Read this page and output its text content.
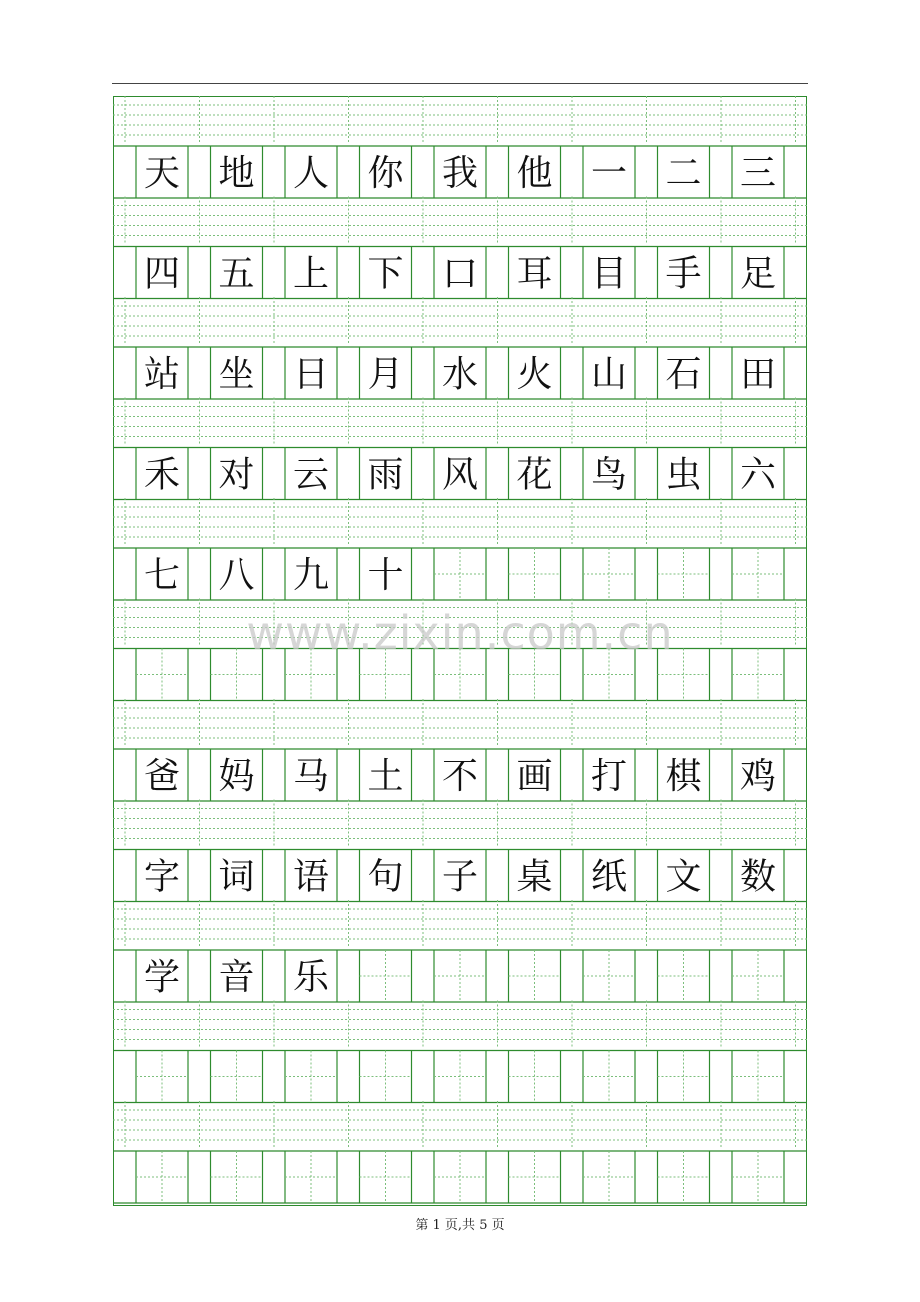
天 地 人 你 我 他 一 二 三
四 五 上 下 口 耳 目 手 足
站 坐 日 月 水 火 山 石 田
禾 对 云 雨 风 花 鸟 虫 六
七 八 九 十
爸 妈 马 土 不 画 打 棋 鸡
字 词 语 句 子 桌 纸 文 数
学 音 乐
www.zixin.com.cn
第 1 页,共 5 页
